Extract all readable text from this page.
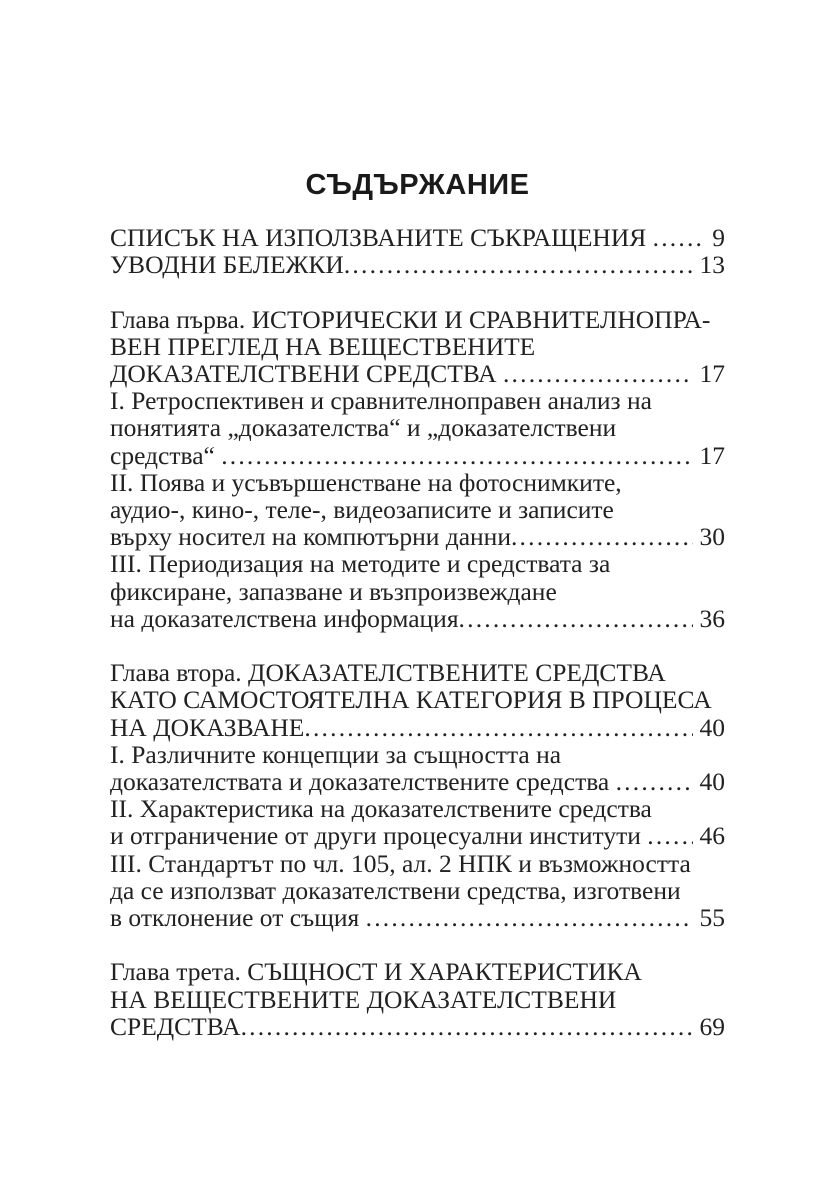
СЪДЪРЖАНИЕ
СПИСЪК НА ИЗПОЛЗВАНИТЕ СЪКРАЩЕНИЯ ..... 9
УВОДНИ БЕЛЕЖКИ .....	13
Глава първа. ИСТОРИЧЕСКИ И СРАВНИТЕЛНОПРА-
ВЕН ПРЕГЛЕД НА ВЕЩЕСТВЕНИТЕ
ДОКАЗАТЕЛСТВЕНИ СРЕДСТВА .....	17
I. Ретроспективен и сравнителноправен анализ на
понятията „доказателства“ и „доказателствени
средства“ .....	17
II. Поява и усъвършенстване на фотоснимките,
аудио-, кино-, теле-, видеозаписите и записите
върху носител на компютърни данни .....	30
III. Периодизация на методите и средствата за
фиксиране, запазване и възпроизвеждане
на доказателствена информация .....	36
Глава втора. ДОКАЗАТЕЛСТВЕНИТЕ СРЕДСТВА
КАТО САМОСТОЯТЕЛНА КАТЕГОРИЯ В ПРОЦЕСА
НА ДОКАЗВАНЕ .....	40
I. Различните концепции за същността на
доказателствата и доказателствените средства .....	40
II. Характеристика на доказателствените средства
и отграничение от други процесуални институти ..... 46
III. Стандартът по чл. 105, ал. 2 НПК и възможността
да се използват доказателствени средства, изготвени
в отклонение от същия .....	55
Глава трета. СЪЩНОСТ И ХАРАКТЕРИСТИКА
НА ВЕЩЕСТВЕНИТЕ ДОКАЗАТЕЛСТВЕНИ
СРЕДСТВА .....	69
